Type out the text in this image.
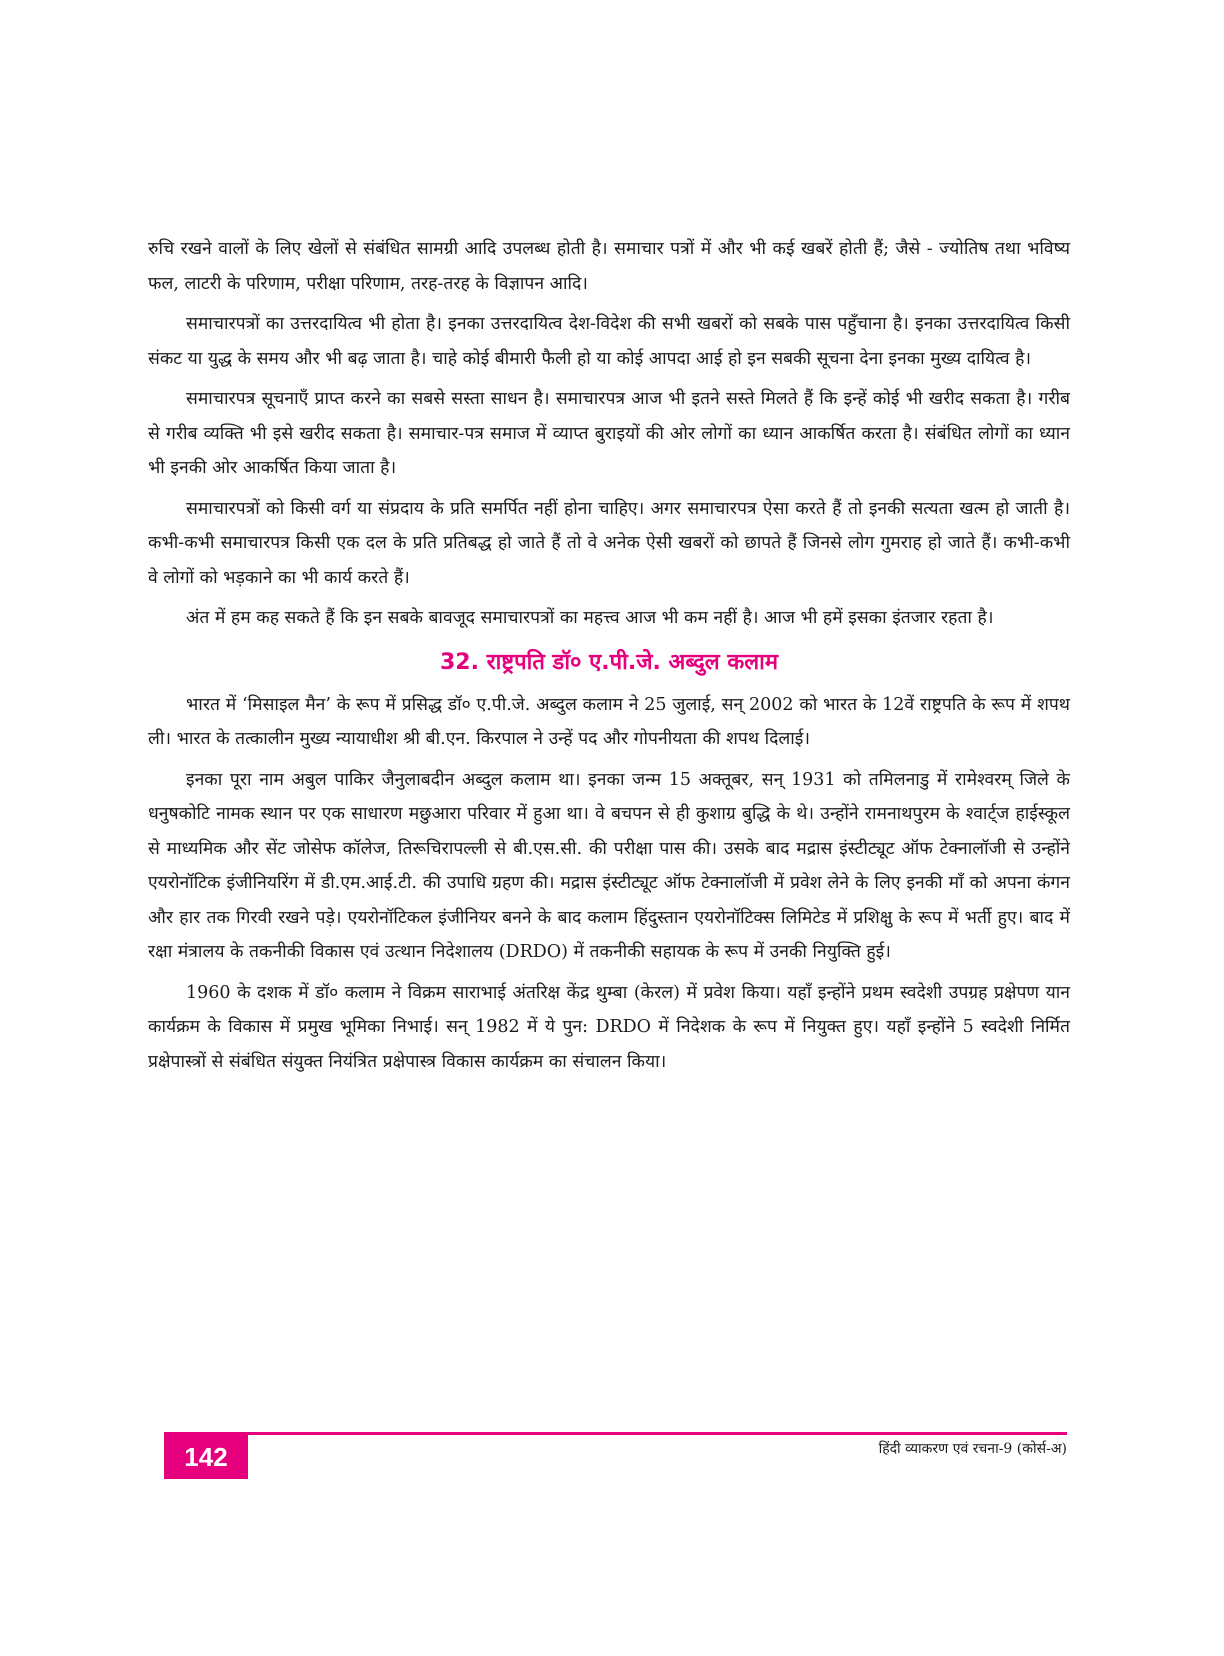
रुचि रखने वालों के लिए खेलों से संबंधित सामग्री आदि उपलब्ध होती है। समाचार पत्रों में और भी कई खबरें होती हैं; जैसे - ज्योतिष तथा भविष्य फल, लाटरी के परिणाम, परीक्षा परिणाम, तरह-तरह के विज्ञापन आदि।

समाचारपत्रों का उत्तरदायित्व भी होता है। इनका उत्तरदायित्व देश-विदेश की सभी खबरों को सबके पास पहुँचाना है। इनका उत्तरदायित्व किसी संकट या युद्ध के समय और भी बढ़ जाता है। चाहे कोई बीमारी फैली हो या कोई आपदा आई हो इन सबकी सूचना देना इनका मुख्य दायित्व है।

समाचारपत्र सूचनाएँ प्राप्त करने का सबसे सस्ता साधन है। समाचारपत्र आज भी इतने सस्ते मिलते हैं कि इन्हें कोई भी खरीद सकता है। गरीब से गरीब व्यक्ति भी इसे खरीद सकता है। समाचार-पत्र समाज में व्याप्त बुराइयों की ओर लोगों का ध्यान आकर्षित करता है। संबंधित लोगों का ध्यान भी इनकी ओर आकर्षित किया जाता है।

समाचारपत्रों को किसी वर्ग या संप्रदाय के प्रति समर्पित नहीं होना चाहिए। अगर समाचारपत्र ऐसा करते हैं तो इनकी सत्यता खत्म हो जाती है। कभी-कभी समाचारपत्र किसी एक दल के प्रति प्रतिबद्ध हो जाते हैं तो वे अनेक ऐसी खबरों को छापते हैं जिनसे लोग गुमराह हो जाते हैं। कभी-कभी वे लोगों को भड़काने का भी कार्य करते हैं।

अंत में हम कह सकते हैं कि इन सबके बावजूद समाचारपत्रों का महत्त्व आज भी कम नहीं है। आज भी हमें इसका इंतजार रहता है।

32. राष्ट्रपति डॉ० ए.पी.जे. अब्दुल कलाम

भारत में ‘मिसाइल मैन’ के रूप में प्रसिद्ध डॉ० ए.पी.जे. अब्दुल कलाम ने 25 जुलाई, सन् 2002 को भारत के 12वें राष्ट्रपति के रूप में शपथ ली। भारत के तत्कालीन मुख्य न्यायाधीश श्री बी.एन. किरपाल ने उन्हें पद और गोपनीयता की शपथ दिलाई।

इनका पूरा नाम अबुल पाकिर जैनुलाबदीन अब्दुल कलाम था। इनका जन्म 15 अक्तूबर, सन् 1931 को तमिलनाडु में रामेश्वरम् जिले के धनुषकोटि नामक स्थान पर एक साधारण मछुआरा परिवार में हुआ था। वे बचपन से ही कुशाग्र बुद्धि के थे। उन्होंने रामनाथपुरम के श्वार्ट्ज हाईस्कूल से माध्यमिक और सेंट जोसेफ कॉलेज, तिरूचिरापल्ली से बी.एस.सी. की परीक्षा पास की। उसके बाद मद्रास इंस्टीट्यूट ऑफ टेक्नालॉजी से उन्होंने एयरोनॉटिक इंजीनियरिंग में डी.एम.आई.टी. की उपाधि ग्रहण की। मद्रास इंस्टीट्यूट ऑफ टेक्नालॉजी में प्रवेश लेने के लिए इनकी माँ को अपना कंगन और हार तक गिरवी रखने पड़े। एयरोनॉटिकल इंजीनियर बनने के बाद कलाम हिंदुस्तान एयरोनॉटिक्स लिमिटेड में प्रशिक्षु के रूप में भर्ती हुए। बाद में रक्षा मंत्रालय के तकनीकी विकास एवं उत्थान निदेशालय (DRDO) में तकनीकी सहायक के रूप में उनकी नियुक्ति हुई।

1960 के दशक में डॉ० कलाम ने विक्रम साराभाई अंतरिक्ष केंद्र थुम्बा (केरल) में प्रवेश किया। यहाँ इन्होंने प्रथम स्वदेशी उपग्रह प्रक्षेपण यान कार्यक्रम के विकास में प्रमुख भूमिका निभाई। सन् 1982 में ये पुन: DRDO में निदेशक के रूप में नियुक्त हुए। यहाँ इन्होंने 5 स्वदेशी निर्मित प्रक्षेपास्त्रों से संबंधित संयुक्त नियंत्रित प्रक्षेपास्त्र विकास कार्यक्रम का संचालन किया।

142	हिंदी व्याकरण एवं रचना-9 (कोर्स-अ)
